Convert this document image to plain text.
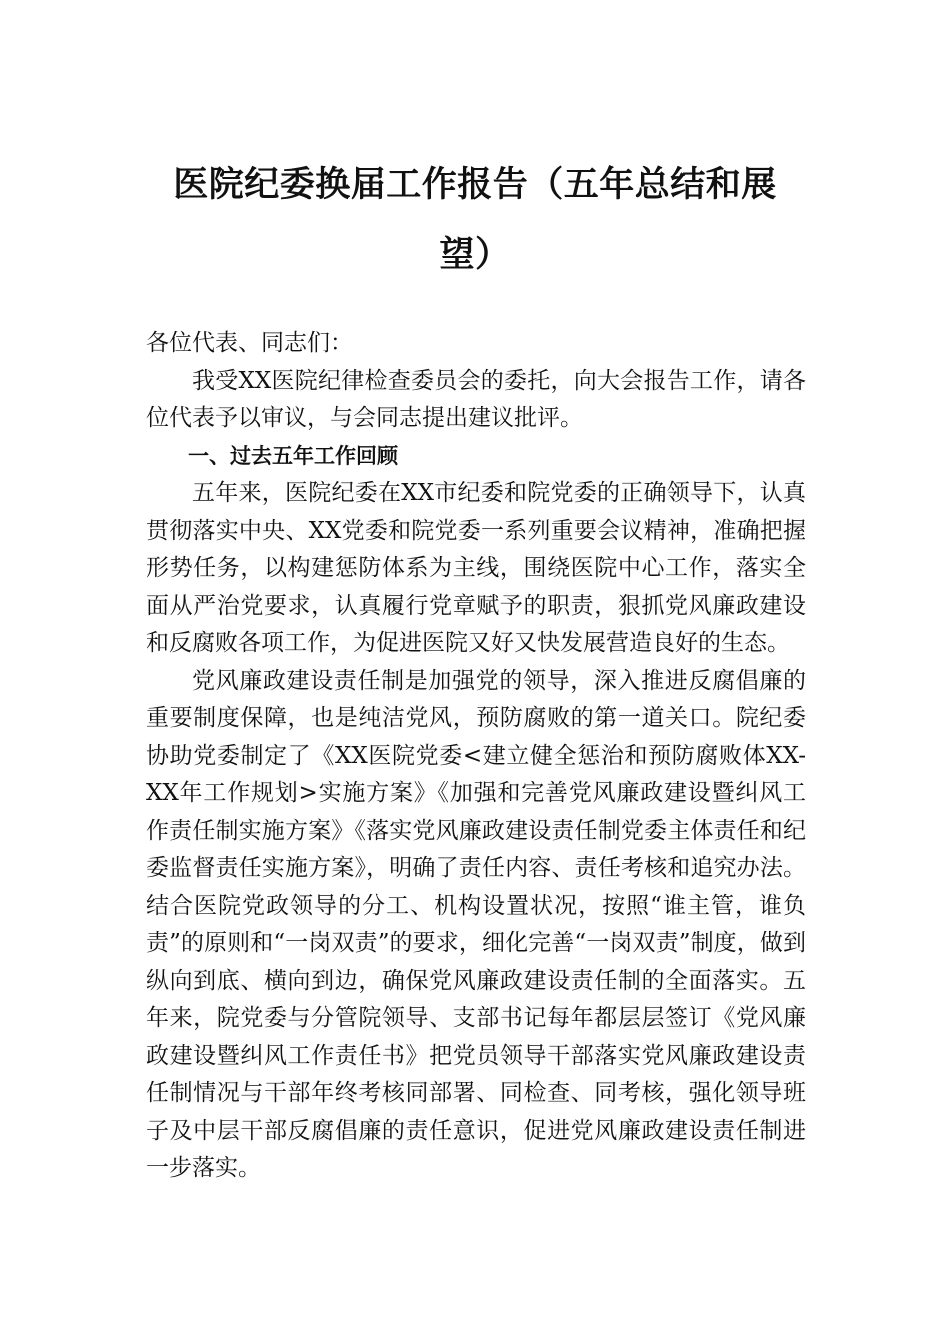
医院纪委换届工作报告（五年总结和展望）

各位代表、同志们：

我受XX医院纪律检查委员会的委托，向大会报告工作，请各位代表予以审议，与会同志提出建议批评。

一、过去五年工作回顾

五年来，医院纪委在XX市纪委和院党委的正确领导下，认真贯彻落实中央、XX党委和院党委一系列重要会议精神，准确把握形势任务，以构建惩防体系为主线，围绕医院中心工作，落实全面从严治党要求，认真履行党章赋予的职责，狠抓党风廉政建设和反腐败各项工作，为促进医院又好又快发展营造良好的生态。

党风廉政建设责任制是加强党的领导，深入推进反腐倡廉的重要制度保障，也是纯洁党风，预防腐败的第一道关口。院纪委协助党委制定了《XX医院党委<建立健全惩治和预防腐败体XX-XX年工作规划>实施方案》《加强和完善党风廉政建设暨纠风工作责任制实施方案》《落实党风廉政建设责任制党委主体责任和纪委监督责任实施方案》，明确了责任内容、责任考核和追究办法。结合医院党政领导的分工、机构设置状况，按照“谁主管，谁负责”的原则和“一岗双责”的要求，细化完善“一岗双责”制度，做到纵向到底、横向到边，确保党风廉政建设责任制的全面落实。五年来，院党委与分管院领导、支部书记每年都层层签订《党风廉政建设暨纠风工作责任书》把党员领导干部落实党风廉政建设责任制情况与干部年终考核同部署、同检查、同考核，强化领导班子及中层干部反腐倡廉的责任意识，促进党风廉政建设责任制进一步落实。
